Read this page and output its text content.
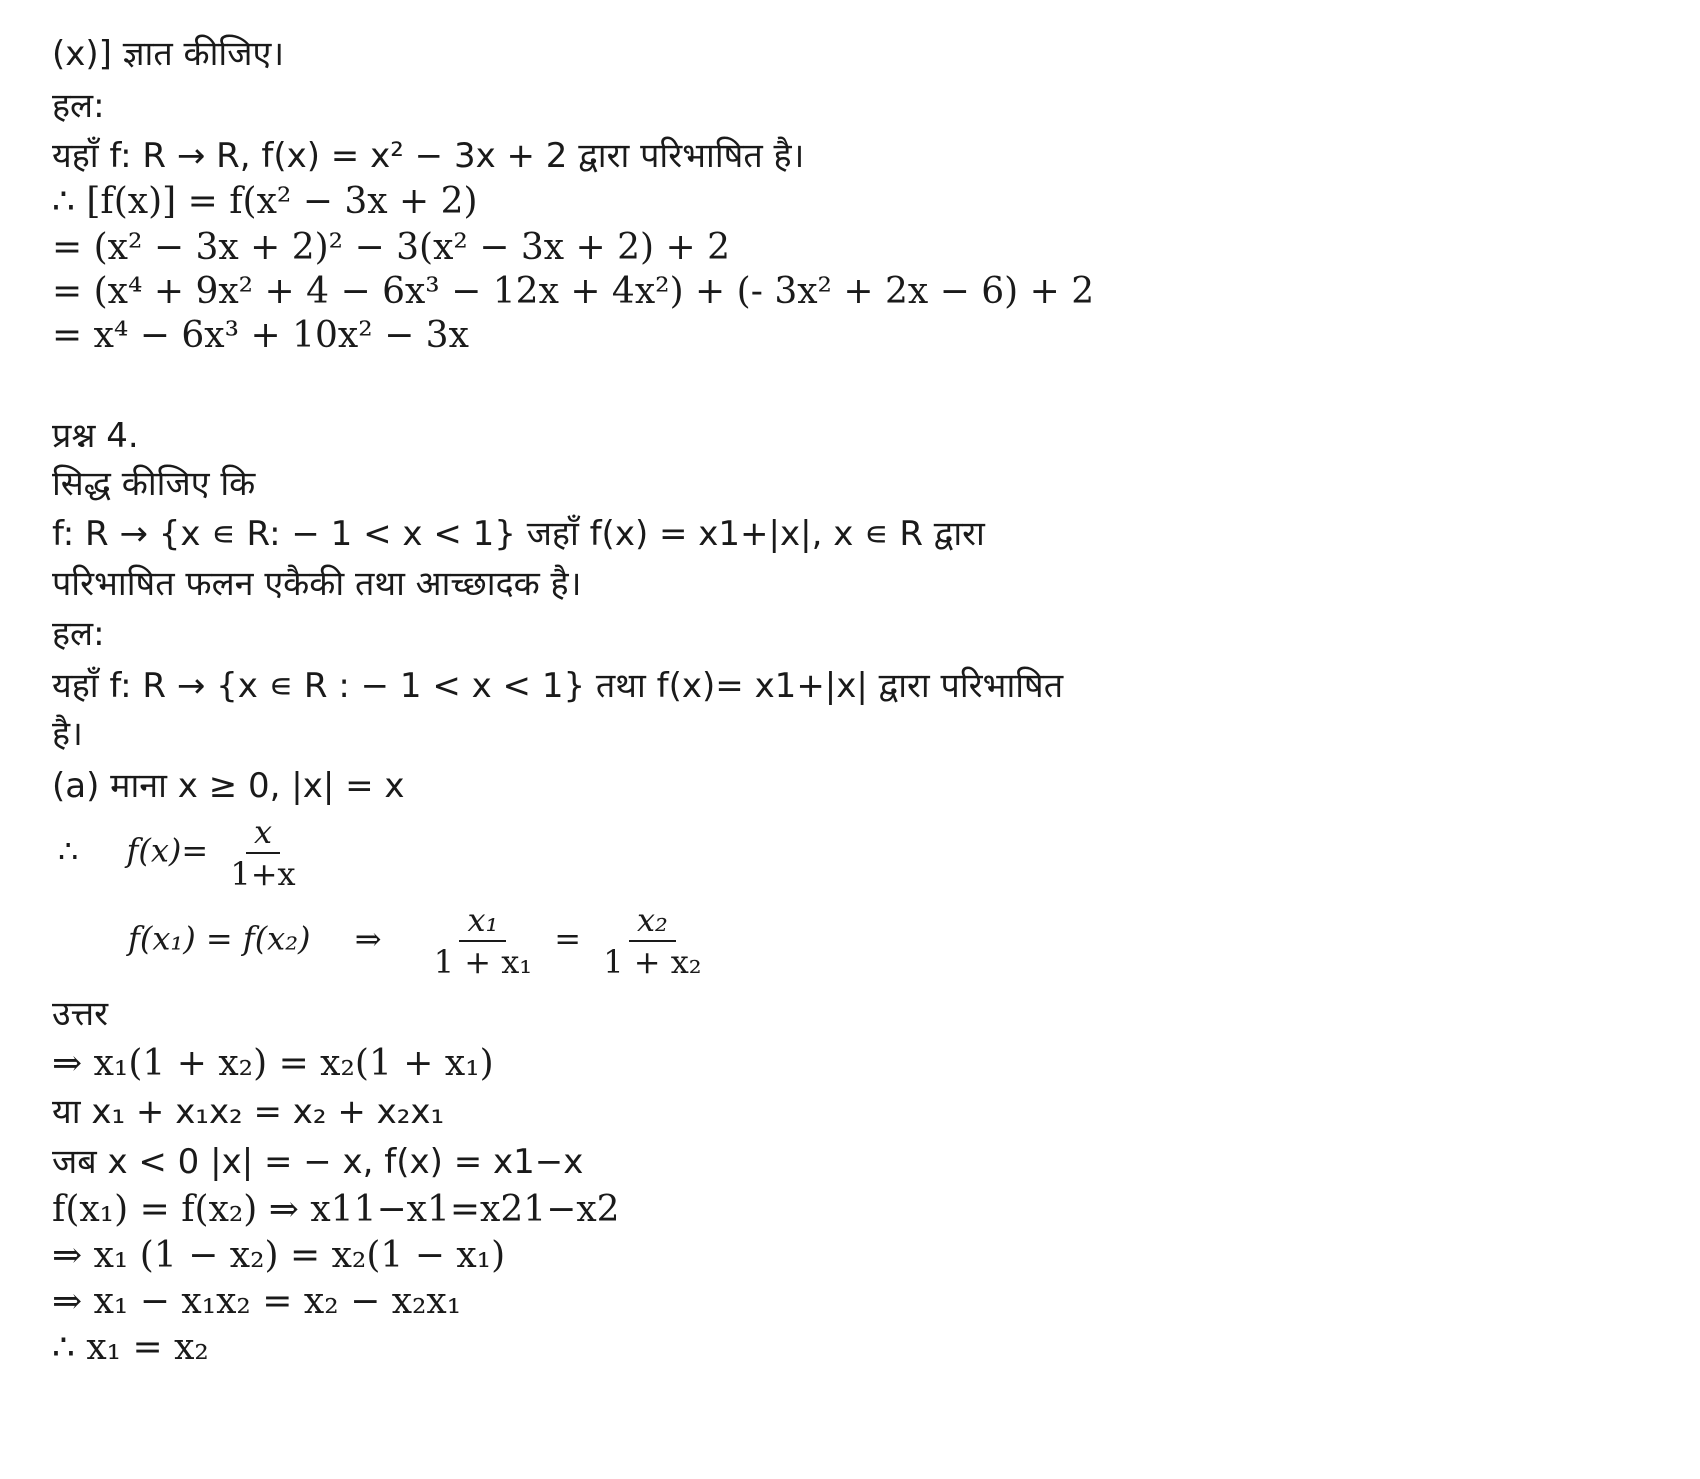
(x)] ज्ञात कीजिए।

हल:

यहाँ f: R → R, f(x) = x² − 3x + 2 द्वारा परिभाषित है।

∴ [f(x)] = f(x² − 3x + 2)

= (x² − 3x + 2)² − 3(x² − 3x + 2) + 2

= (x⁴ + 9x² + 4 − 6x³ − 12x + 4x²) + (- 3x² + 2x − 6) + 2

= x⁴ − 6x³ + 10x² − 3x

प्रश्न 4.

सिद्ध कीजिए कि

f: R → {x ∊ R: − 1 < x < 1} जहाँ f(x) = x1+|x|, x ∊ R द्वारा

परिभाषित फलन एकैकी तथा आच्छादक है।

हल:

यहाँ f: R → {x ∊ R : − 1 < x < 1} तथा f(x)= x1+|x| द्वारा परिभाषित

है।

(a) माना x ≥ 0, |x| = x

∴ $f(x)= \frac{x}{1+x}$
f(x₁) = f(x₂) ⇒ $\frac{\text{x₁}}{\text{1 + x₁}} = \frac{\text{x₂}}{\text{1 + x₂}}$

उत्तर

⇒ x₁(1 + x₂) = x₂(1 + x₁)

या x₁ + x₁x₂ = x₂ + x₂x₁

जब x < 0 |x| = − x, f(x) = x1−x

f(x₁) = f(x₂) ⇒ x11−x1=x21−x2

⇒ x₁ (1 − x₂) = x₂(1 − x₁)

⇒ x₁ − x₁x₂ = x₂ − x₂x₁

∴ x₁ = x₂
